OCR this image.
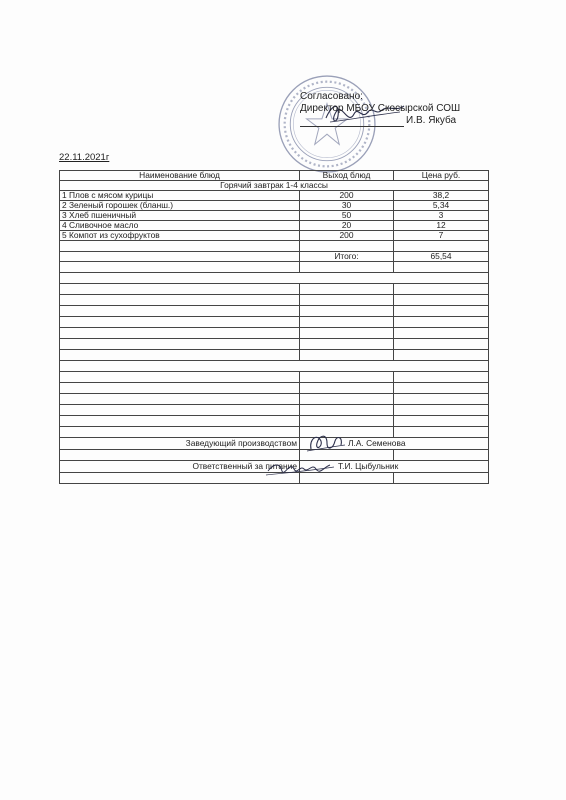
Согласовано:
Директор МБОУ Скосырской СОШ
И.В. Якуба
22.11.2021г
Наименование блюд	Выход блюд	Цена руб.
Горячий завтрак 1-4 классы		
1 Плов с мясом курицы	200	38,2
2 Зеленый горошек (бланш.)	30	5,34
3 Хлеб пшеничный	50	3
4 Сливочное масло	20	12
5 Компот из сухофруктов	200	7

	Итого:	65,54

Заведующий производством	Л.А. Семенова	

Ответственный за питание	Т.И. Цыбульник	
